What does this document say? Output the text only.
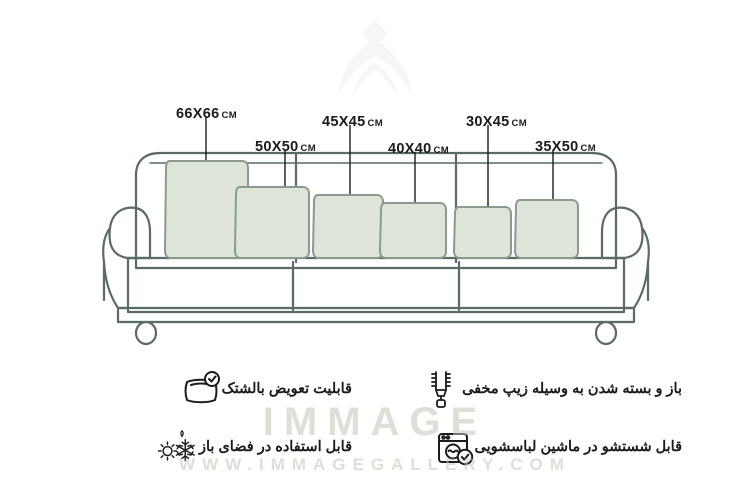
66X66 CM
50X50 CM
45X45 CM
40X40 CM
30X45 CM
35X50 CM
قابلیت تعویض بالشتک	باز و بسته شدن به وسیله زیپ مخفی
قابل استفاده در فضای باز	قابل شستشو در ماشین لباسشویی
IMMAGE
WWW.IMMAGEGALLERY.COM
